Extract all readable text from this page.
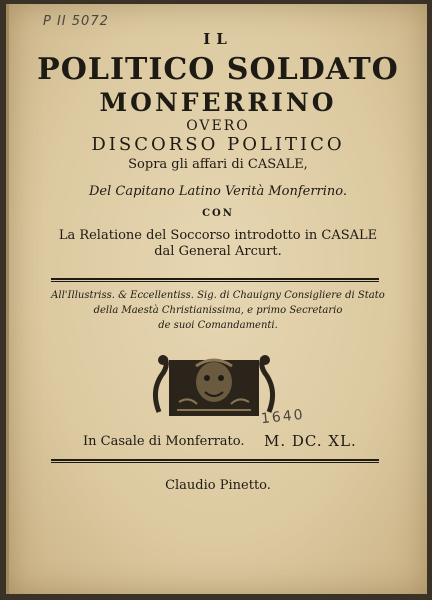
P II 5072
IL
POLITICO SOLDATO
MONFERRINO
OVERO
DISCORSO POLITICO
Sopra gli affari di CASALE,
Del Capitano Latino Verità Monferrino.
CON
La Relatione del Soccorso introdotto in CASALE
dal General Arcurt.
All'Illustriss. & Eccellentiss. Sig. di Chauigny Consigliere di Stato
della Maestà Christianissima, e primo Secretario
de suoi Comandamenti.
1640
In Casale di Monferrato. M. DC. XL.
Claudio Pinetto.
